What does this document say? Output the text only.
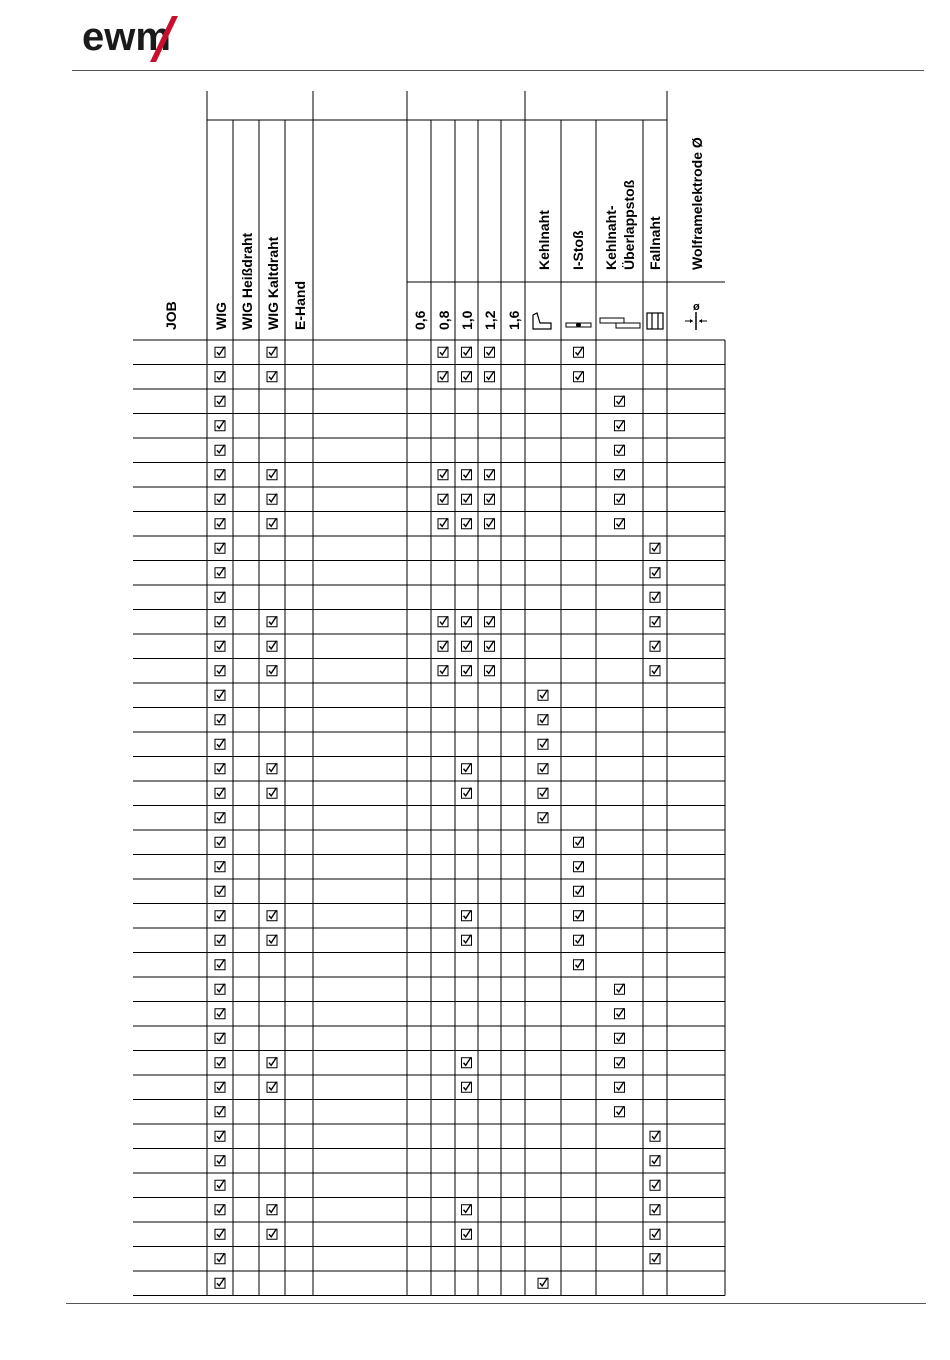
ewm
JOB WIG WIG Heißdraht WIG Kaltdraht E-Hand	0,6 0,8 1,0 1,2 1,6
Kehlnaht I-Stoß Kehlnaht- Überlappstoß Fallnaht Wolframelektrode Ø
ø
